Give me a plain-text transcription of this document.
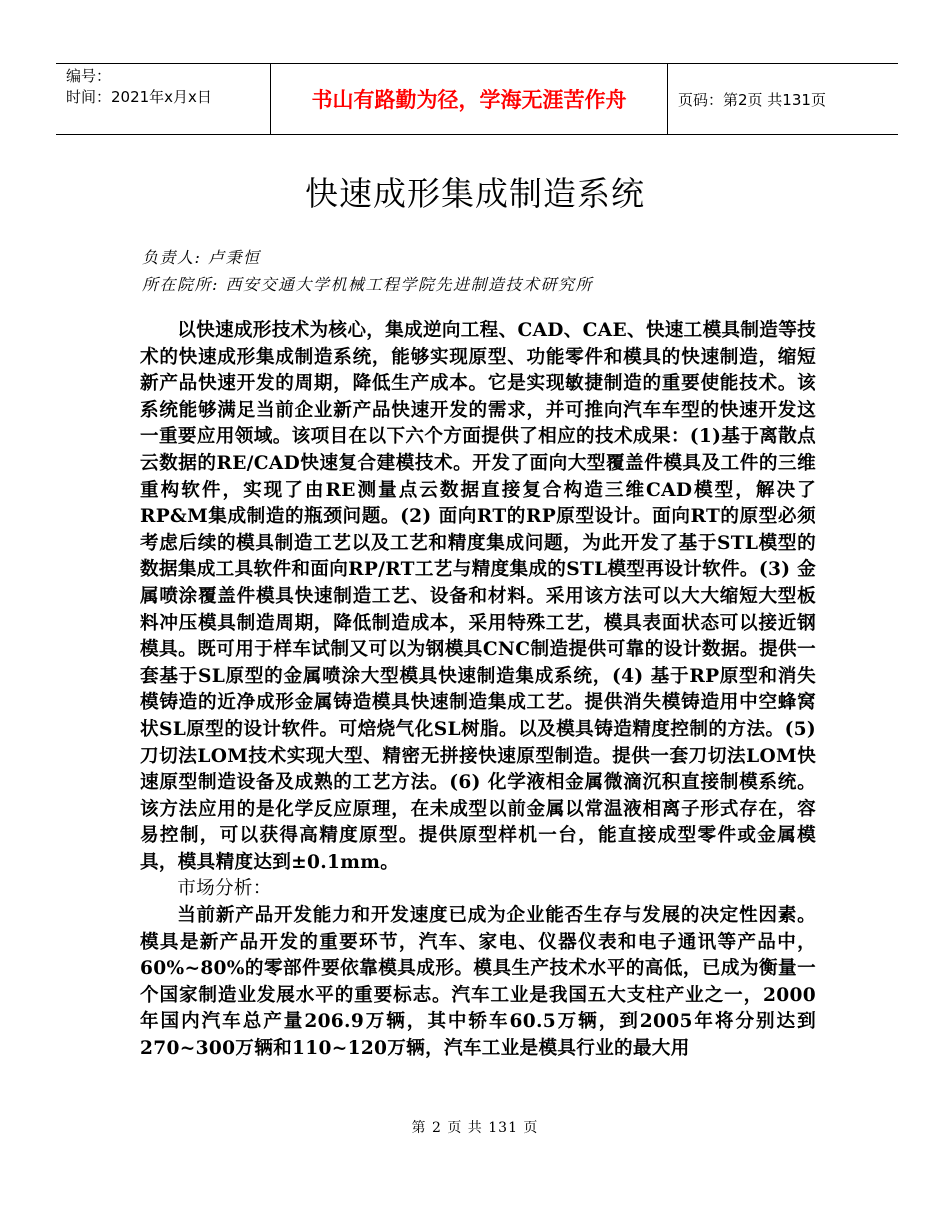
编号：
时间：2021年x月x日	书山有路勤为径，学海无涯苦作舟	页码：第2页 共131页
快速成形集成制造系统
负责人: 卢秉恒
所在院所: 西安交通大学机械工程学院先进制造技术研究所

以快速成形技术为核心，集成逆向工程、CAD、CAE、快速工模具制造等技术的快速成形集成制造系统，能够实现原型、功能零件和模具的快速制造，缩短新产品快速开发的周期，降低生产成本。它是实现敏捷制造的重要使能技术。该系统能够满足当前企业新产品快速开发的需求，并可推向汽车车型的快速开发这一重要应用领域。该项目在以下六个方面提供了相应的技术成果：(1)基于离散点云数据的RE/CAD快速复合建模技术。开发了面向大型覆盖件模具及工件的三维重构软件，实现了由RE测量点云数据直接复合构造三维CAD模型，解决了RP&M集成制造的瓶颈问题。(2) 面向RT的RP原型设计。面向RT的原型必须考虑后续的模具制造工艺以及工艺和精度集成问题，为此开发了基于STL模型的数据集成工具软件和面向RP/RT工艺与精度集成的STL模型再设计软件。(3) 金属喷涂覆盖件模具快速制造工艺、设备和材料。采用该方法可以大大缩短大型板料冲压模具制造周期，降低制造成本，采用特殊工艺，模具表面状态可以接近钢模具。既可用于样车试制又可以为钢模具CNC制造提供可靠的设计数据。提供一套基于SL原型的金属喷涂大型模具快速制造集成系统，(4) 基于RP原型和消失模铸造的近净成形金属铸造模具快速制造集成工艺。提供消失模铸造用中空蜂窝状SL原型的设计软件。可焙烧气化SL树脂。以及模具铸造精度控制的方法。(5) 刀切法LOM技术实现大型、精密无拼接快速原型制造。提供一套刀切法LOM快速原型制造设备及成熟的工艺方法。(6) 化学液相金属微滴沉积直接制模系统。该方法应用的是化学反应原理，在未成型以前金属以常温液相离子形式存在，容易控制，可以获得高精度原型。提供原型样机一台，能直接成型零件或金属模具，模具精度达到±0.1mm。

市场分析：

当前新产品开发能力和开发速度已成为企业能否生存与发展的决定性因素。模具是新产品开发的重要环节，汽车、家电、仪器仪表和电子通讯等产品中，60%~80%的零部件要依靠模具成形。模具生产技术水平的高低，已成为衡量一个国家制造业发展水平的重要标志。汽车工业是我国五大支柱产业之一，2000年国内汽车总产量206.9万辆，其中轿车60.5万辆，到2005年将分别达到270~300万辆和110~120万辆，汽车工业是模具行业的最大用

第 2 页 共 131 页
